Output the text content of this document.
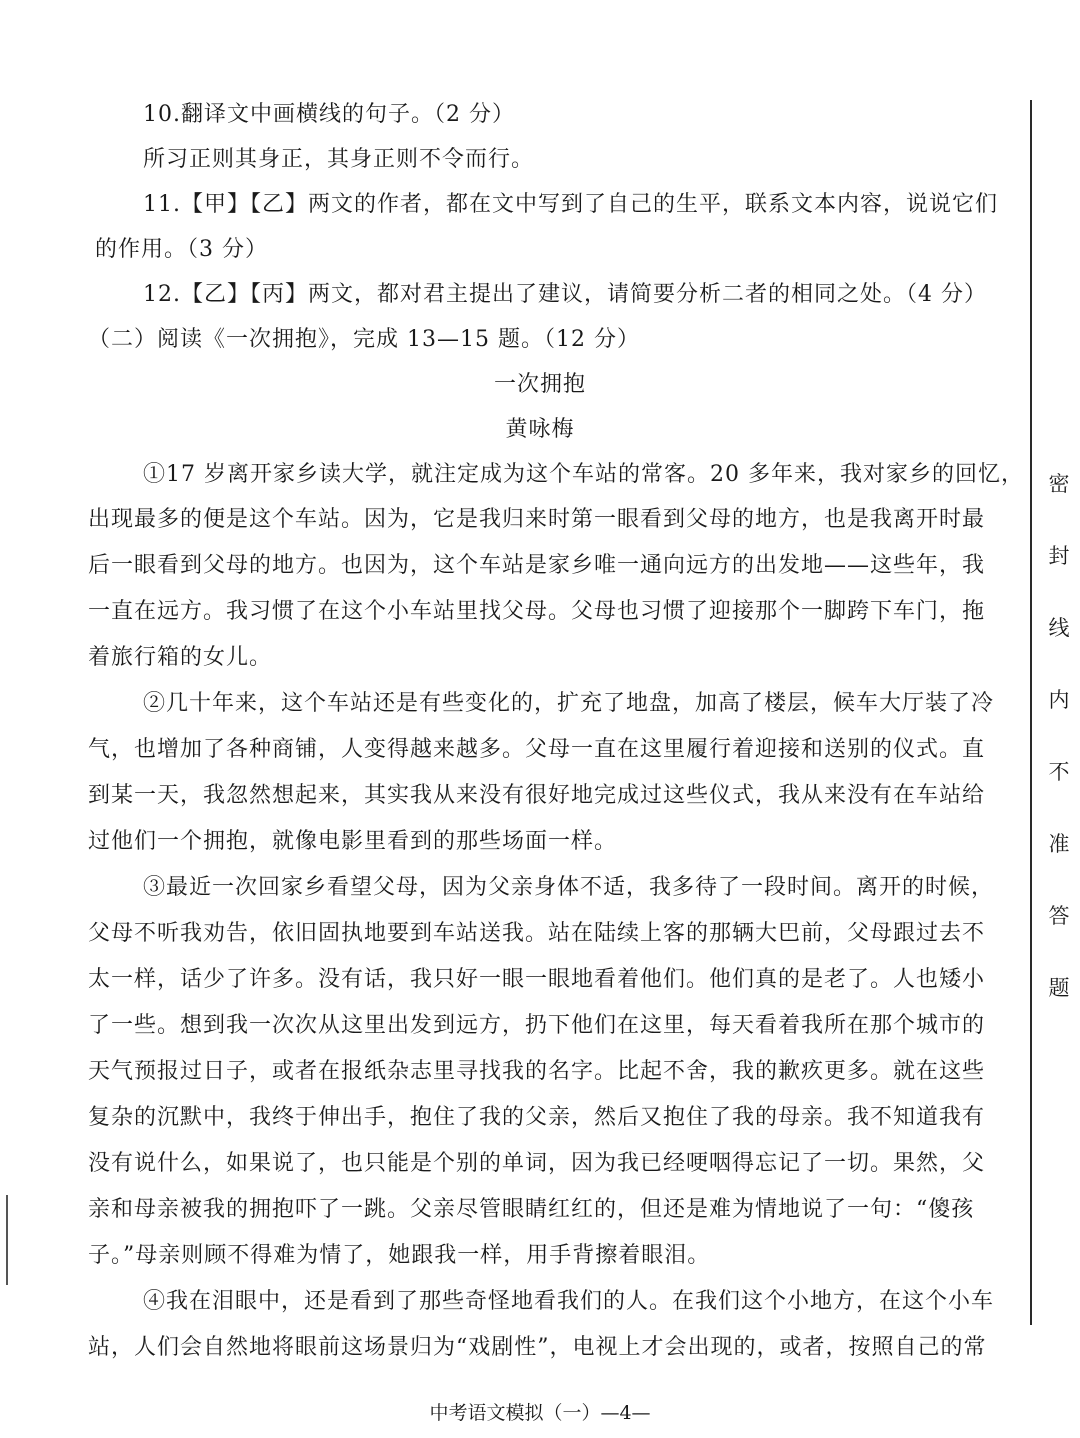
10.翻译文中画横线的句子。（2 分）
所习正则其身正，其身正则不令而行。
11.【甲】【乙】两文的作者，都在文中写到了自己的生平，联系文本内容，说说它们
的作用。（3 分）
12.【乙】【丙】两文，都对君主提出了建议，请简要分析二者的相同之处。（4 分）
（二）阅读《一次拥抱》，完成 13—15 题。（12 分）
一次拥抱
黄咏梅
①17 岁离开家乡读大学，就注定成为这个车站的常客。20 多年来，我对家乡的回忆，
出现最多的便是这个车站。因为，它是我归来时第一眼看到父母的地方，也是我离开时最
后一眼看到父母的地方。也因为，这个车站是家乡唯一通向远方的出发地——这些年，我
一直在远方。我习惯了在这个小车站里找父母。父母也习惯了迎接那个一脚跨下车门，拖
着旅行箱的女儿。
②几十年来，这个车站还是有些变化的，扩充了地盘，加高了楼层，候车大厅装了冷
气，也增加了各种商铺，人变得越来越多。父母一直在这里履行着迎接和送别的仪式。直
到某一天，我忽然想起来，其实我从来没有很好地完成过这些仪式，我从来没有在车站给
过他们一个拥抱，就像电影里看到的那些场面一样。
③最近一次回家乡看望父母，因为父亲身体不适，我多待了一段时间。离开的时候，
父母不听我劝告，依旧固执地要到车站送我。站在陆续上客的那辆大巴前，父母跟过去不
太一样，话少了许多。没有话，我只好一眼一眼地看着他们。他们真的是老了。人也矮小
了一些。想到我一次次从这里出发到远方，扔下他们在这里，每天看着我所在那个城市的
天气预报过日子，或者在报纸杂志里寻找我的名字。比起不舍，我的歉疚更多。就在这些
复杂的沉默中，我终于伸出手，抱住了我的父亲，然后又抱住了我的母亲。我不知道我有
没有说什么，如果说了，也只能是个别的单词，因为我已经哽咽得忘记了一切。果然，父
亲和母亲被我的拥抱吓了一跳。父亲尽管眼睛红红的，但还是难为情地说了一句：“傻孩
子。”母亲则顾不得难为情了，她跟我一样，用手背擦着眼泪。
④我在泪眼中，还是看到了那些奇怪地看我们的人。在我们这个小地方，在这个小车
站，人们会自然地将眼前这场景归为“戏剧性”，电视上才会出现的，或者，按照自己的常
密
封
线
内
不
准
答
题
中考语文模拟（一）—4—
